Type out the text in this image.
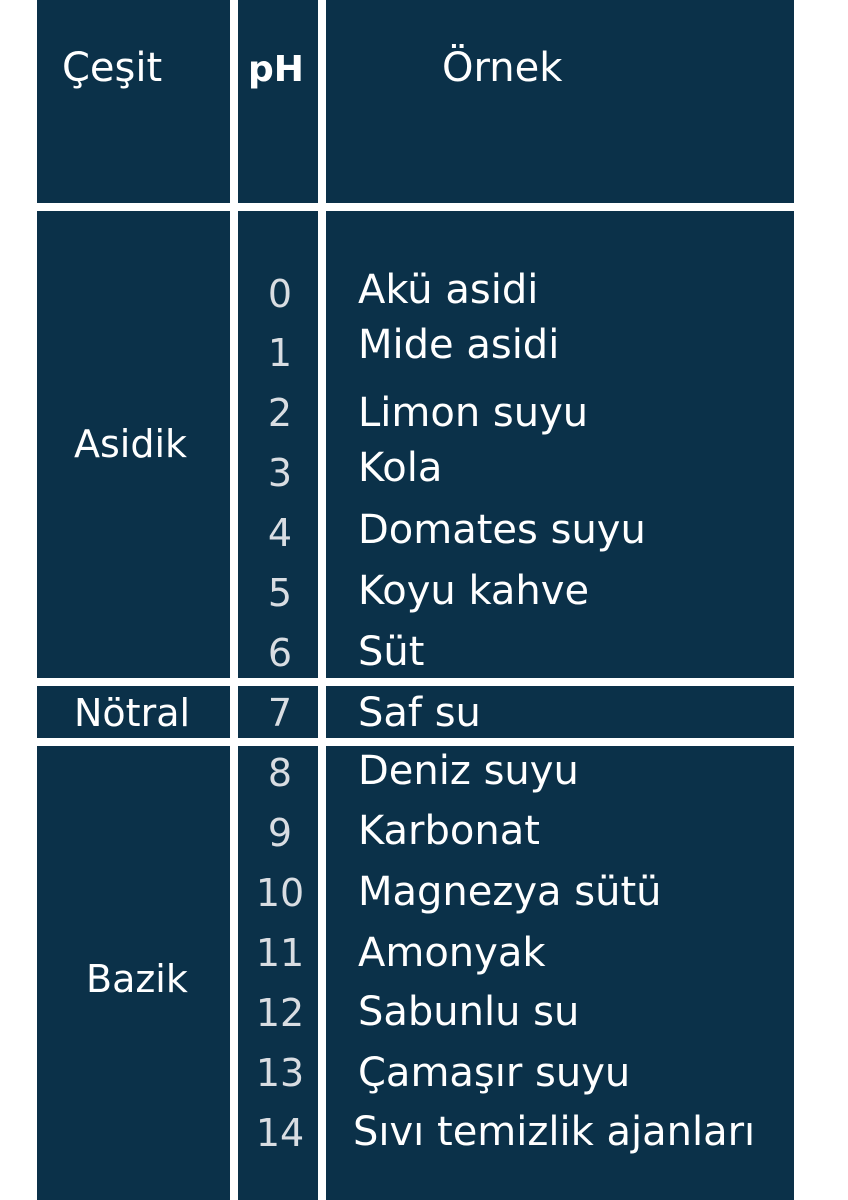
Çeşit pH	Örnek
Asidik
Nötral
Bazik
0
1
2
3
4
5
6
7
8
9
10
11
12
13
14
Akü asidi
Mide asidi
Limon suyu
Kola
Domates suyu
Koyu kahve
Süt
Saf su
Deniz suyu
Karbonat
Magnezya sütü
Amonyak
Sabunlu su
Çamaşır suyu
Sıvı temizlik ajanları
